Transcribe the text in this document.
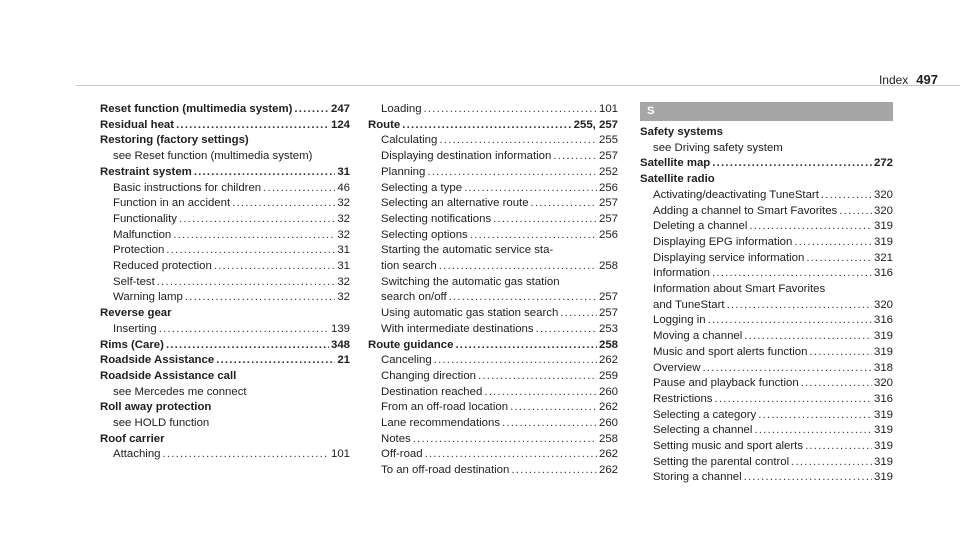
Index 497
Reset function (multimedia system) .....	247
Residual heat .....	124
Restoring (factory settings)
see Reset function (multimedia system)
Restraint system .....	31
Basic instructions for children .....	46
Function in an accident .....	32
Functionality .....	32
Malfunction .....	32
Protection .....	31
Reduced protection .....	31
Self-test .....	32
Warning lamp .....	32
Reverse gear
Inserting .....	139
Rims (Care) .....	348
Roadside Assistance .....	21
Roadside Assistance call
see Mercedes me connect
Roll away protection
see HOLD function
Roof carrier
Attaching .....	101
Loading .....	101
Route .....	255, 257
Calculating .....	255
Displaying destination information .....	257
Planning .....	252
Selecting a type .....	256
Selecting an alternative route .....	257
Selecting notifications .....	257
Selecting options .....	256
Starting the automatic service sta-
tion search .....	258
Switching the automatic gas station
search on/off .....	257
Using automatic gas station search .....	257
With intermediate destinations .....	253
Route guidance .....	258
Canceling .....	262
Changing direction .....	259
Destination reached .....	260
From an off-road location .....	262
Lane recommendations .....	260
Notes .....	258
Off-road .....	262
To an off-road destination .....	262
S
Safety systems
see Driving safety system
Satellite map .....	272
Satellite radio
Activating/deactivating TuneStart .....	320
Adding a channel to Smart Favorites .....	320
Deleting a channel .....	319
Displaying EPG information .....	319
Displaying service information .....	321
Information .....	316
Information about Smart Favorites
and TuneStart .....	320
Logging in .....	316
Moving a channel .....	319
Music and sport alerts function .....	319
Overview .....	318
Pause and playback function .....	320
Restrictions .....	316
Selecting a category .....	319
Selecting a channel .....	319
Setting music and sport alerts .....	319
Setting the parental control .....	319
Storing a channel .....	319
